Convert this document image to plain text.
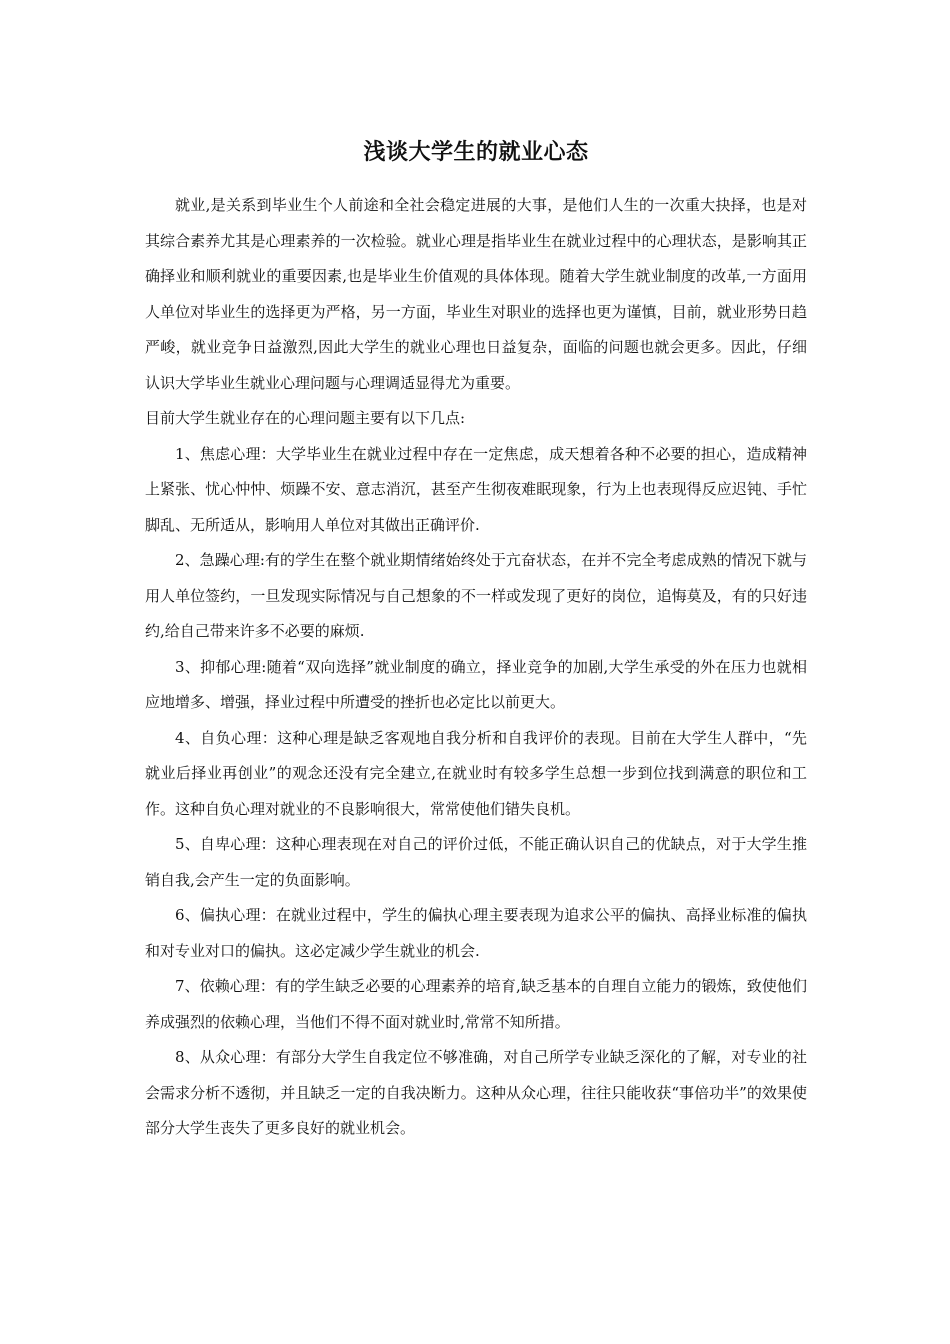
浅谈大学生的就业心态

就业,是关系到毕业生个人前途和全社会稳定进展的大事，是他们人生的一次重大抉择，也是对其综合素养尤其是心理素养的一次检验。就业心理是指毕业生在就业过程中的心理状态，是影响其正确择业和顺利就业的重要因素,也是毕业生价值观的具体体现。随着大学生就业制度的改革,一方面用人单位对毕业生的选择更为严格，另一方面，毕业生对职业的选择也更为谨慎，目前，就业形势日趋严峻，就业竞争日益激烈,因此大学生的就业心理也日益复杂，面临的问题也就会更多。因此，仔细认识大学毕业生就业心理问题与心理调适显得尤为重要。

目前大学生就业存在的心理问题主要有以下几点:

1、焦虑心理：大学毕业生在就业过程中存在一定焦虑，成天想着各种不必要的担心，造成精神上紧张、忧心忡忡、烦躁不安、意志消沉，甚至产生彻夜难眠现象，行为上也表现得反应迟钝、手忙脚乱、无所适从，影响用人单位对其做出正确评价.

2、急躁心理:有的学生在整个就业期情绪始终处于亢奋状态，在并不完全考虑成熟的情况下就与用人单位签约，一旦发现实际情况与自己想象的不一样或发现了更好的岗位，追悔莫及，有的只好违约,给自己带来许多不必要的麻烦.

3、抑郁心理:随着“双向选择”就业制度的确立，择业竞争的加剧,大学生承受的外在压力也就相应地增多、增强，择业过程中所遭受的挫折也必定比以前更大。

4、自负心理：这种心理是缺乏客观地自我分析和自我评价的表现。目前在大学生人群中，“先就业后择业再创业”的观念还没有完全建立,在就业时有较多学生总想一步到位找到满意的职位和工作。这种自负心理对就业的不良影响很大，常常使他们错失良机。

5、自卑心理：这种心理表现在对自己的评价过低，不能正确认识自己的优缺点，对于大学生推销自我,会产生一定的负面影响。

6、偏执心理：在就业过程中，学生的偏执心理主要表现为追求公平的偏执、高择业标准的偏执和对专业对口的偏执。这必定减少学生就业的机会.

7、依赖心理：有的学生缺乏必要的心理素养的培育,缺乏基本的自理自立能力的锻炼，致使他们养成强烈的依赖心理，当他们不得不面对就业时,常常不知所措。

8、从众心理：有部分大学生自我定位不够准确，对自己所学专业缺乏深化的了解，对专业的社会需求分析不透彻，并且缺乏一定的自我决断力。这种从众心理，往往只能收获“事倍功半”的效果使部分大学生丧失了更多良好的就业机会。
